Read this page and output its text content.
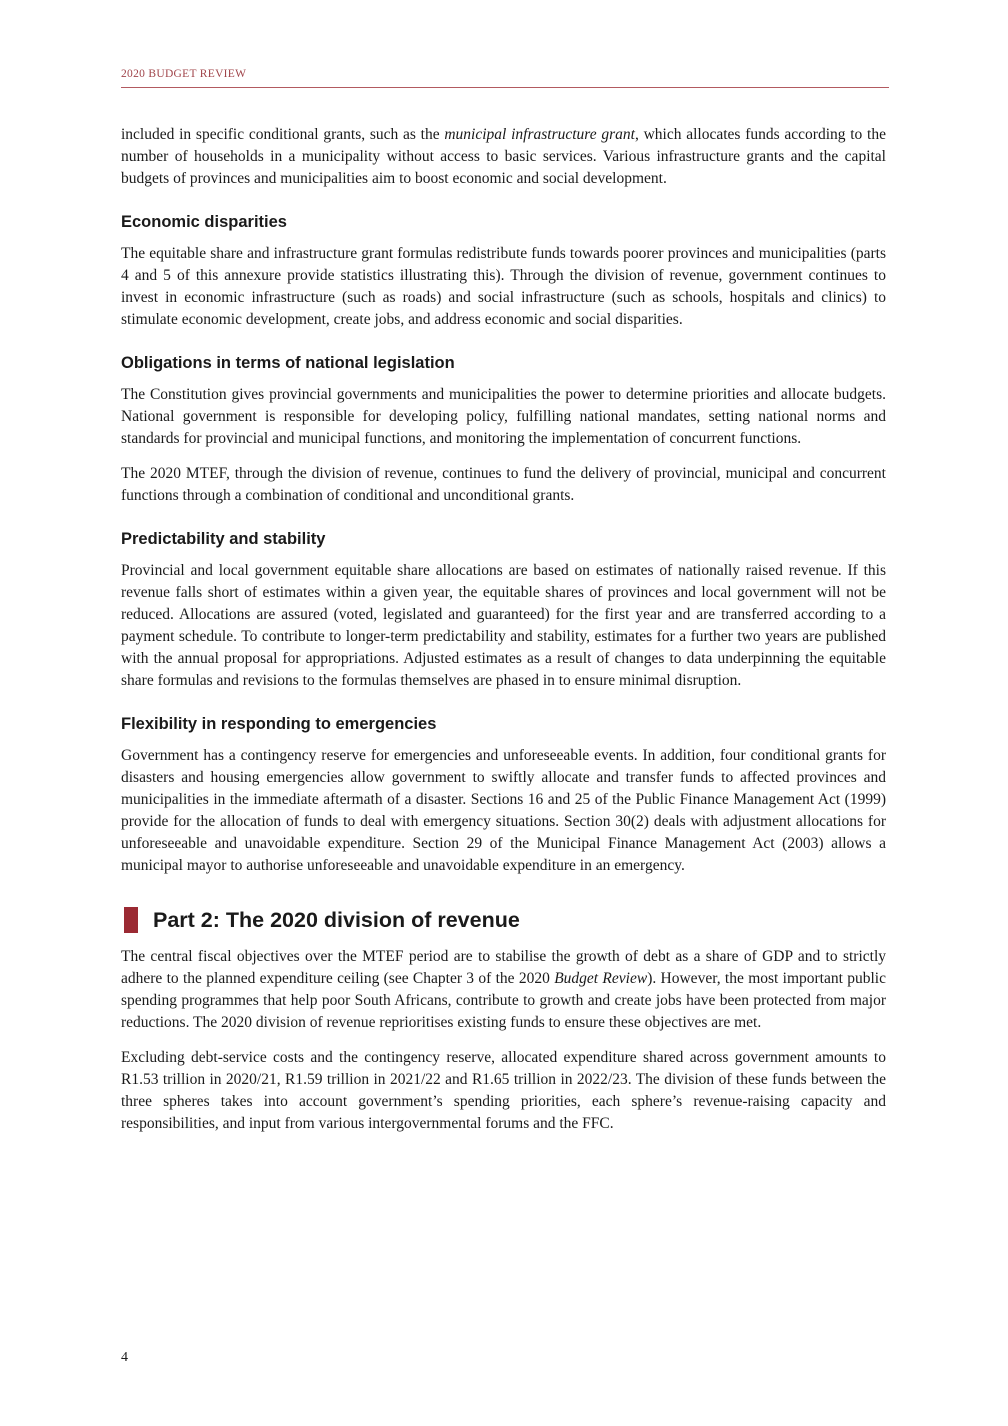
2020 BUDGET REVIEW

included in specific conditional grants, such as the municipal infrastructure grant, which allocates funds according to the number of households in a municipality without access to basic services. Various infrastructure grants and the capital budgets of provinces and municipalities aim to boost economic and social development.

Economic disparities

The equitable share and infrastructure grant formulas redistribute funds towards poorer provinces and municipalities (parts 4 and 5 of this annexure provide statistics illustrating this). Through the division of revenue, government continues to invest in economic infrastructure (such as roads) and social infrastructure (such as schools, hospitals and clinics) to stimulate economic development, create jobs, and address economic and social disparities.

Obligations in terms of national legislation

The Constitution gives provincial governments and municipalities the power to determine priorities and allocate budgets. National government is responsible for developing policy, fulfilling national mandates, setting national norms and standards for provincial and municipal functions, and monitoring the implementation of concurrent functions.

The 2020 MTEF, through the division of revenue, continues to fund the delivery of provincial, municipal and concurrent functions through a combination of conditional and unconditional grants.

Predictability and stability

Provincial and local government equitable share allocations are based on estimates of nationally raised revenue. If this revenue falls short of estimates within a given year, the equitable shares of provinces and local government will not be reduced. Allocations are assured (voted, legislated and guaranteed) for the first year and are transferred according to a payment schedule. To contribute to longer-term predictability and stability, estimates for a further two years are published with the annual proposal for appropriations. Adjusted estimates as a result of changes to data underpinning the equitable share formulas and revisions to the formulas themselves are phased in to ensure minimal disruption.

Flexibility in responding to emergencies

Government has a contingency reserve for emergencies and unforeseeable events. In addition, four conditional grants for disasters and housing emergencies allow government to swiftly allocate and transfer funds to affected provinces and municipalities in the immediate aftermath of a disaster. Sections 16 and 25 of the Public Finance Management Act (1999) provide for the allocation of funds to deal with emergency situations. Section 30(2) deals with adjustment allocations for unforeseeable and unavoidable expenditure. Section 29 of the Municipal Finance Management Act (2003) allows a municipal mayor to authorise unforeseeable and unavoidable expenditure in an emergency.

Part 2: The 2020 division of revenue

The central fiscal objectives over the MTEF period are to stabilise the growth of debt as a share of GDP and to strictly adhere to the planned expenditure ceiling (see Chapter 3 of the 2020 Budget Review). However, the most important public spending programmes that help poor South Africans, contribute to growth and create jobs have been protected from major reductions. The 2020 division of revenue reprioritises existing funds to ensure these objectives are met.

Excluding debt-service costs and the contingency reserve, allocated expenditure shared across government amounts to R1.53 trillion in 2020/21, R1.59 trillion in 2021/22 and R1.65 trillion in 2022/23. The division of these funds between the three spheres takes into account government’s spending priorities, each sphere’s revenue-raising capacity and responsibilities, and input from various intergovernmental forums and the FFC.

4
